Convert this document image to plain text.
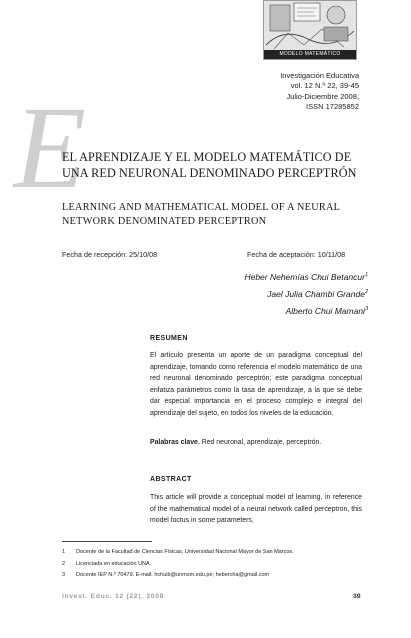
MODELO MATEMÁTICO
Investigación Educativa
vol. 12 N.º 22, 39-45
Julio-Diciembre 2008,
ISSN 17285852
E
EL APRENDIZAJE Y EL MODELO MATEMÁTICO DE UNA RED NEURONAL DENOMINADO PERCEPTRÓN
LEARNING AND MATHEMATICAL MODEL OF A NEURAL NETWORK DENOMINATED PERCEPTRON
Fecha de recepción: 25/10/08	Fecha de aceptación: 10/11/08
Heber Nehemías Chui Betancur$^1$
Jael Julia Chambi Grande$^2$
Alberto Chui Mamani$^3$
RESUMEN
El artículo presenta un aporte de un paradigma conceptual del aprendizaje, tomando como referencia el modelo matemático de una red neuronal denominado perceptrón; este paradigma conceptual enfatiza parámetros como la tasa de aprendizaje, a la que se debe dar especial importancia en el proceso complejo e integral del aprendizaje del sujeto, en todos los niveles de la educación.
Palabras clave. Red neuronal, aprendizaje, perceptrón.
ABSTRACT
This article will provide a conceptual model of learning, in reference of the mathematical model of a neural network called perceptron, this model foctus in some parameters,
1 Docente de la Facultad de Ciencias Físicas, Universidad Nacional Mayor de San Marcos.
2 Licenciada en educación UNA.
3 Docente IEP N.º 70479. E-mail: hchuib@unmsm.edu.pe; hebercha@gmail.com
Invest. Educ. 12 (22), 2008	39
